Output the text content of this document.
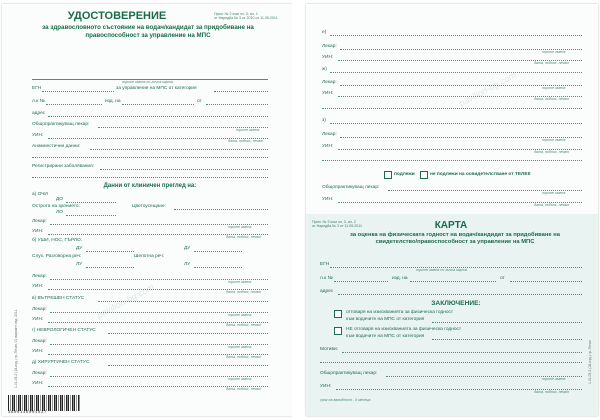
УДОСТОВЕРЕНИЕ	Прил. № 2 към чл. 3, ал. 1
от Наредба № 3 от 2010 от 11.05.2011
за здравословното състояние на водач/кандидат за придобиване на правоспособност за управление на МПС
трите имена по лична карта
ЕГН	за управление на МПС от категория
л.к №	изд. на	от
адрес
Общопрактикуващ лекар:
трите имена
УИН:
дата, подпис, печат
Анамнестични данни:
Регистрирани заболявания:
Данни от клиничен преглед на:
а) ОЧИ
ДО
Острота на зрението:	Цветоусещане:
ЛО
Лекар:
трите имена
УИН:
дата, подпис, печат
б) УШИ, НОС, ГЪРЛО:
ДУ	ДУ
Слух. Разговорна реч:	Шепотна реч:
ЛУ	ЛУ
Лекар:
трите имена
УИН:
дата, подпис, печат
в) ВЪТРЕШЕН СТАТУС
Лекар:
трите имена
УИН:
дата, подпис, печат
г) НЕВРОЛОГИЧЕН СТАТУС
Лекар:
трите имена
УИН:
дата, подпис, печат
д) ХИРУРГИЧЕН СТАТУС
Лекар:
трите имена
УИН:
дата, подпис, печат
1.01.05-2 (18-изд.) гр. Печат, 01 вариант изд. 2011
pavilion-bg.com
3800146001427
е)
Лекар:
трите имена
УИН:
дата, подпис, печат
ж)
Лекар:
трите имена
УИН:
дата, подпис, печат
з)
Лекар:
трите имена
УИН:
дата, подпис, печат
подлежи	не подлежи на освидетелстване от ТЕЛЕК
Общопрактикуващ лекар:
трите имена
УИН:
дата, подпис, печат
pavilion-bg.com
Прил. № 3 към чл. 3, ал. 2
от Наредба № 3 от 11.05.2011	КАРТА
за оценка на физическата годност на водач/кандидат за придобиване на свидетелство/правоспособност за управление на МПС
ЕГН
трите имена по лична карта
л.к №	изд. на	от
адрес
ЗАКЛЮЧЕНИЕ:
отговаря на изискванията за физическа годност
към водачите на МПС от категория
НЕ отговаря на изискванията за физическа годност
към водачите на МПС от категория
Мотиви:
Общопрактикуващ лекар:
трите имена
УИН:
дата, подпис, печат
срок на валидност - 6 месеца
1.01.05-2 (18-изд.) гр. Печат
